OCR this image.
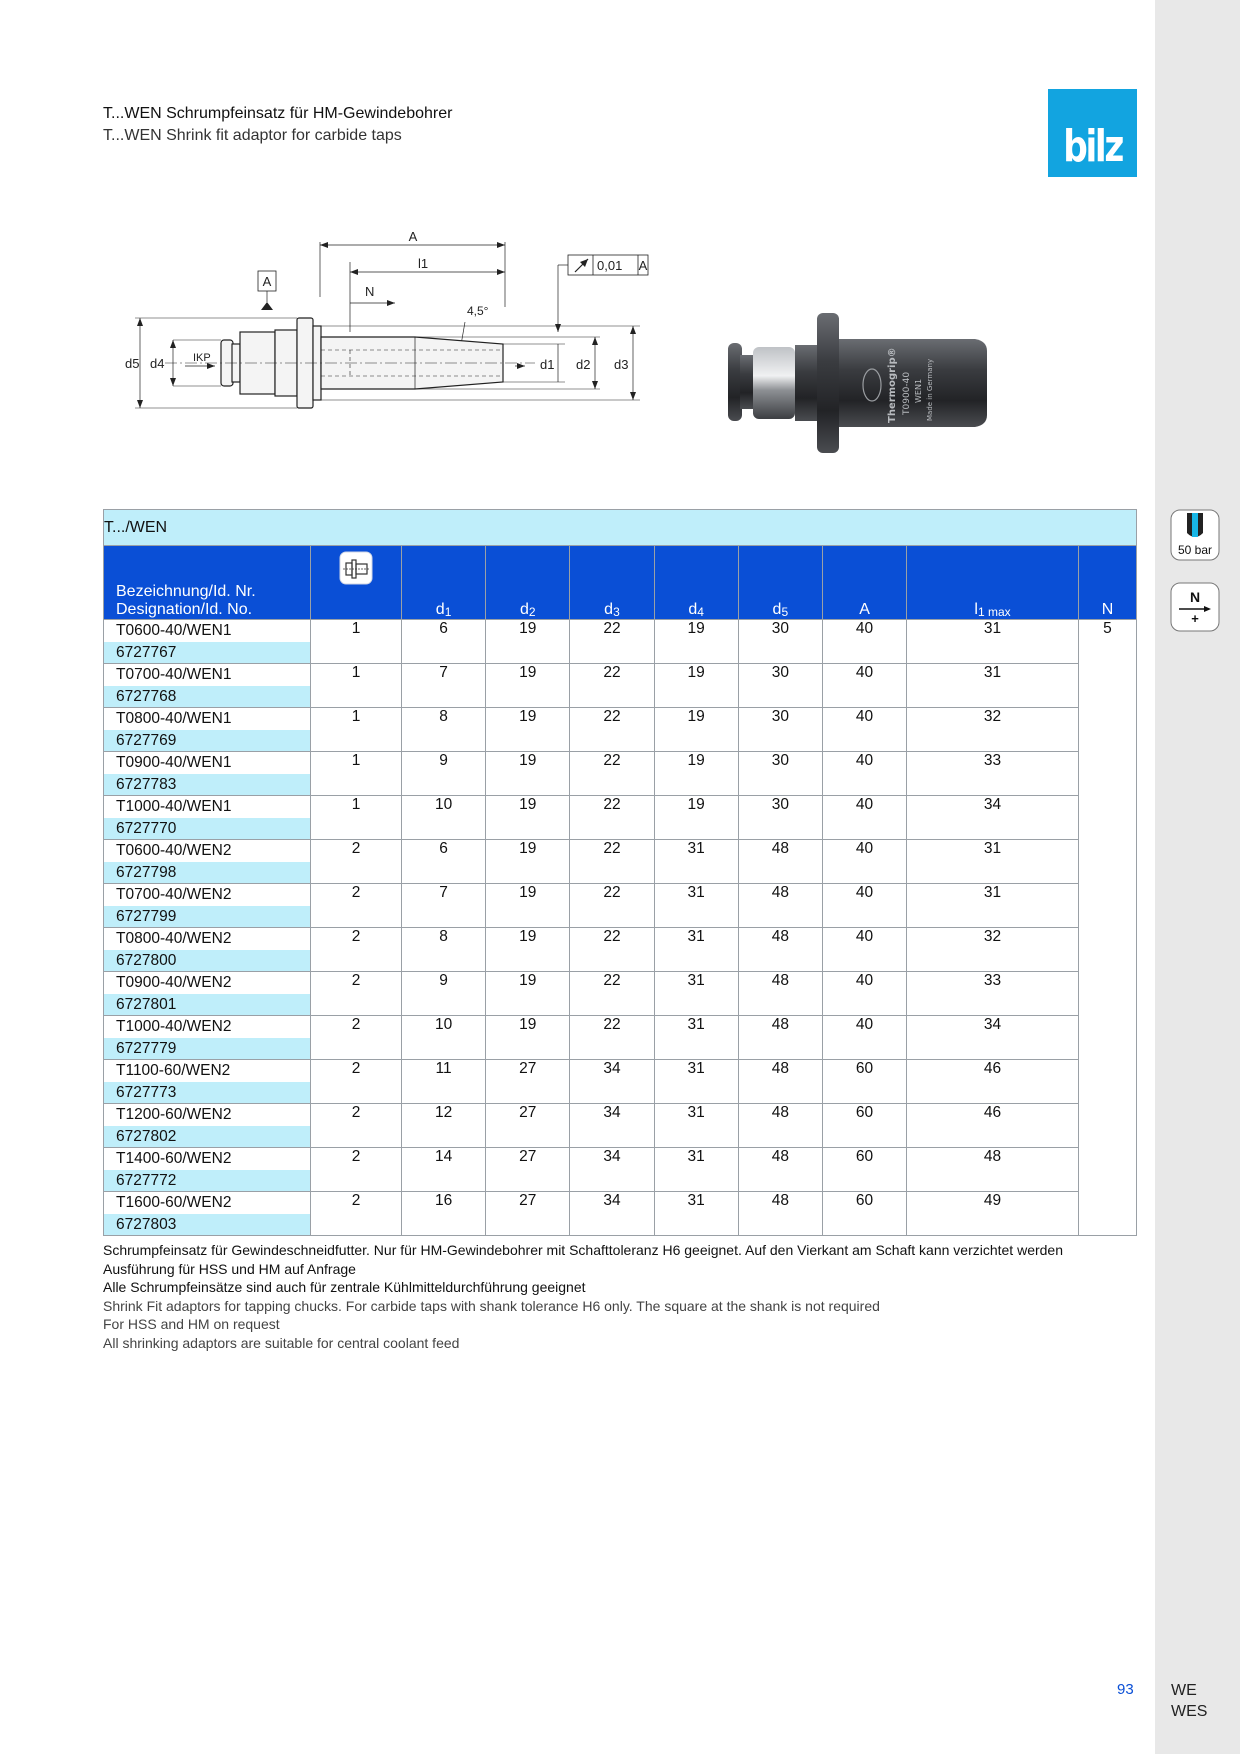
T...WEN Schrumpfeinsatz für HM-Gewindebohrer
T...WEN Shrink fit adaptor for carbide taps	bilz
A
l1
N
4,5°
0,01 A
A
d5 d4	IKP	d1 d2 d3	Thermogrip® T0900-40 WEN1 Made in Germany
T.../WEN									

Bezeichnung/Id. Nr.
Designation/Id. No.		$d_1$	$d_2$	$d_3$	$d_4$	$d_5$	A	$l_{1 max}$	N

T0600-40/WEN1
6727767	1	6	19	22	19	30	40	31	5

T0700-40/WEN1
6727768	1	7	19	22	19	30	40	31	

T0800-40/WEN1
6727769	1	8	19	22	19	30	40	32	

T0900-40/WEN1
6727783	1	9	19	22	19	30	40	33	

T1000-40/WEN1
6727770	1	10	19	22	19	30	40	34	

T0600-40/WEN2
6727798	2	6	19	22	31	48	40	31	

T0700-40/WEN2
6727799	2	7	19	22	31	48	40	31	

T0800-40/WEN2
6727800	2	8	19	22	31	48	40	32	

T0900-40/WEN2
6727801	2	9	19	22	31	48	40	33	

T1000-40/WEN2
6727779	2	10	19	22	31	48	40	34	

T1100-60/WEN2
6727773	2	11	27	34	31	48	60	46	

T1200-60/WEN2
6727802	2	12	27	34	31	48	60	46	

T1400-60/WEN2
6727772	2	14	27	34	31	48	60	48	

T1600-60/WEN2
6727803	2	16	27	34	31	48	60	49	
Schrumpfeinsatz für Gewindeschneidfutter. Nur für HM-Gewindebohrer mit Schafttoleranz H6 geeignet. Auf den Vierkant am Schaft kann verzichtet werden
Ausführung für HSS und HM auf Anfrage
Alle Schrumpfeinsätze sind auch für zentrale Kühlmitteldurchführung geeignet
Shrink Fit adaptors for tapping chucks. For carbide taps with shank tolerance H6 only. The square at the shank is not required
For HSS and HM on request
All shrinking adaptors are suitable for central coolant feed
50 bar
N
+
93 WE
WES
